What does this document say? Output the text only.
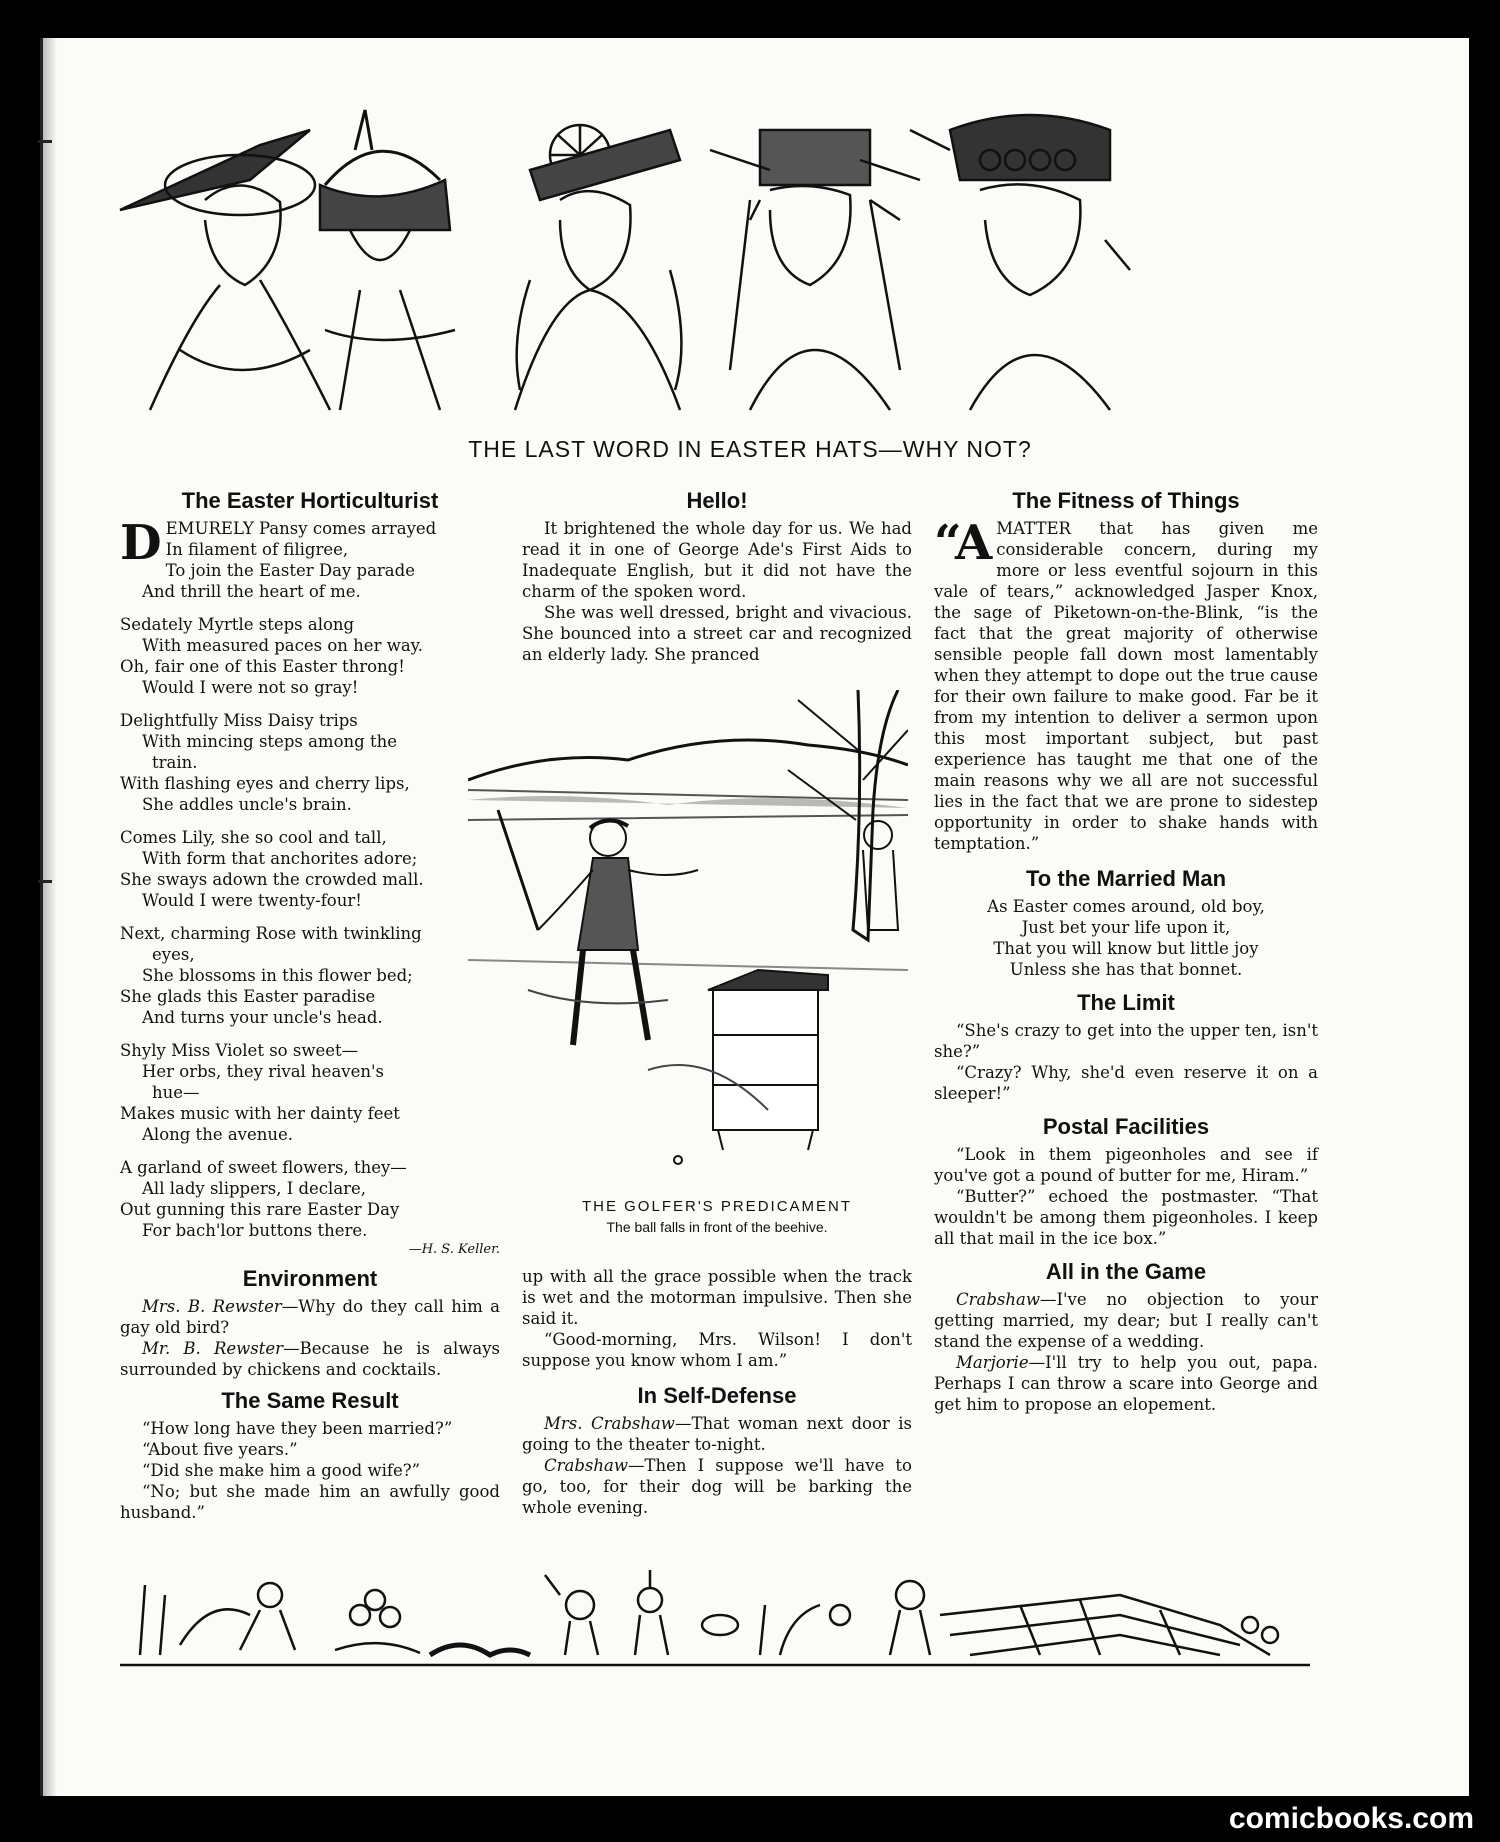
THE LAST WORD IN EASTER HATS—WHY NOT?
The Easter Horticulturist
D EMURELY Pansy comes arrayed
In filament of filigree,
To join the Easter Day parade
And thrill the heart of me.
Sedately Myrtle steps along
With measured paces on her way.
Oh, fair one of this Easter throng!
Would I were not so gray!
Delightfully Miss Daisy trips
With mincing steps among the
train.
With flashing eyes and cherry lips,
She addles uncle's brain.
Comes Lily, she so cool and tall,
With form that anchorites adore;
She sways adown the crowded mall.
Would I were twenty-four!
Next, charming Rose with twinkling
eyes,
She blossoms in this flower bed;
She glads this Easter paradise
And turns your uncle's head.
Shyly Miss Violet so sweet—
Her orbs, they rival heaven's
hue—
Makes music with her dainty feet
Along the avenue.
A garland of sweet flowers, they—
All lady slippers, I declare,
Out gunning this rare Easter Day
For bach'lor buttons there.
—H. S. Keller.
Environment

Mrs. B. Rewster—Why do they call him a gay old bird?

Mr. B. Rewster—Because he is always surrounded by chickens and cocktails.

The Same Result

“How long have they been married?”

“About five years.”

“Did she make him a good wife?”

“No; but she made him an awfully good husband.”

Hello!

It brightened the whole day for us. We had read it in one of George Ade's First Aids to Inadequate English, but it did not have the charm of the spoken word.

She was well dressed, bright and vivacious. She bounced into a street car and recognized an elderly lady. She pranced

THE GOLFER'S PREDICAMENT
The ball falls in front of the beehive.

up with all the grace possible when the track is wet and the motorman impulsive. Then she said it.

“Good-morning, Mrs. Wilson! I don't suppose you know whom I am.”

In Self-Defense

Mrs. Crabshaw—That woman next door is going to the theater to-night.

Crabshaw—Then I suppose we'll have to go, too, for their dog will be barking the whole evening.

The Fitness of Things

“AMATTER that has given me considerable concern, during my more or less eventful sojourn in this vale of tears,” acknowledged Jasper Knox, the sage of Piketown-on-the-Blink, “is the fact that the great majority of otherwise sensible people fall down most lamentably when they attempt to dope out the true cause for their own failure to make good. Far be it from my intention to deliver a sermon upon this most important subject, but past experience has taught me that one of the main reasons why we all are not successful lies in the fact that we are prone to sidestep opportunity in order to shake hands with temptation.”

To the Married Man
As Easter comes around, old boy,
Just bet your life upon it,
That you will know but little joy
Unless she has that bonnet.
The Limit

“She's crazy to get into the upper ten, isn't she?”

“Crazy? Why, she'd even reserve it on a sleeper!”

Postal Facilities

“Look in them pigeonholes and see if you've got a pound of butter for me, Hiram.”

“Butter?” echoed the postmaster. “That wouldn't be among them pigeonholes. I keep all that mail in the ice box.”

All in the Game

Crabshaw—I've no objection to your getting married, my dear; but I really can't stand the expense of a wedding.

Marjorie—I'll try to help you out, papa. Perhaps I can throw a scare into George and get him to propose an elopement.

comicbooks.com
